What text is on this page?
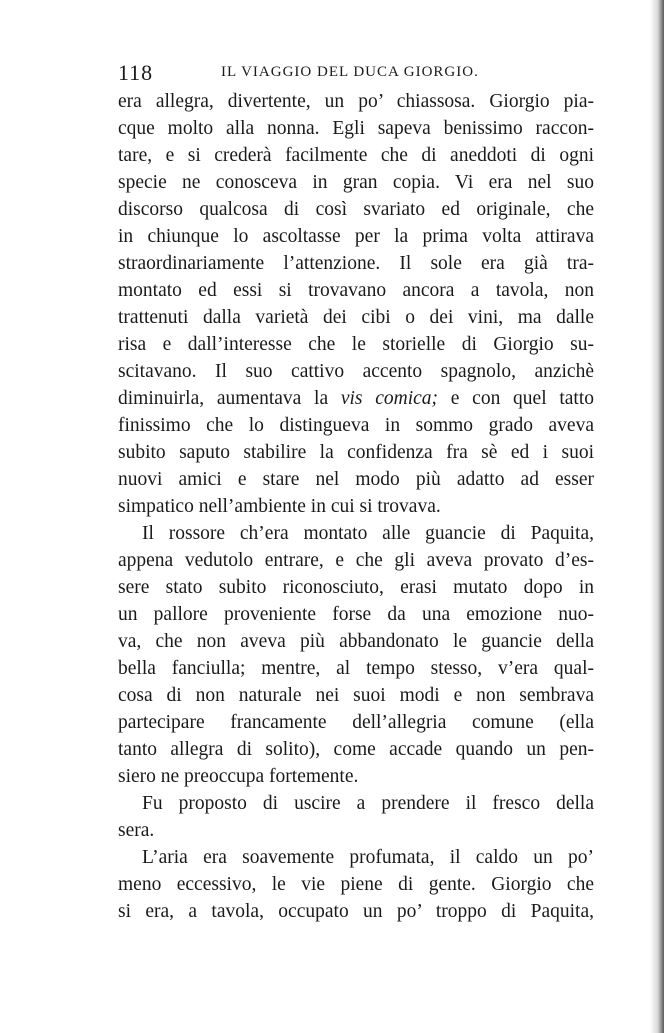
118	IL VIAGGIO DEL DUCA GIORGIO.
era allegra, divertente, un po’ chiassosa. Giorgio pia-
cque molto alla nonna. Egli sapeva benissimo raccon-
tare, e si crederà facilmente che di aneddoti di ogni
specie ne conosceva in gran copia. Vi era nel suo
discorso qualcosa di così svariato ed originale, che
in chiunque lo ascoltasse per la prima volta attirava
straordinariamente l’attenzione. Il sole era già tra-
montato ed essi si trovavano ancora a tavola, non
trattenuti dalla varietà dei cibi o dei vini, ma dalle
risa e dall’interesse che le storielle di Giorgio su-
scitavano. Il suo cattivo accento spagnolo, anzichè
diminuirla, aumentava la vis comica; e con quel tatto
finissimo che lo distingueva in sommo grado aveva
subito saputo stabilire la confidenza fra sè ed i suoi
nuovi amici e stare nel modo più adatto ad esser
simpatico nell’ambiente in cui si trovava.
Il rossore ch’era montato alle guancie di Paquita,
appena vedutolo entrare, e che gli aveva provato d’es-
sere stato subito riconosciuto, erasi mutato dopo in
un pallore proveniente forse da una emozione nuo-
va, che non aveva più abbandonato le guancie della
bella fanciulla; mentre, al tempo stesso, v’era qual-
cosa di non naturale nei suoi modi e non sembrava
partecipare francamente dell’allegria comune (ella
tanto allegra di solito), come accade quando un pen-
siero ne preoccupa fortemente.
Fu proposto di uscire a prendere il fresco della
sera.
L’aria era soavemente profumata, il caldo un po’
meno eccessivo, le vie piene di gente. Giorgio che
si era, a tavola, occupato un po’ troppo di Paquita,
